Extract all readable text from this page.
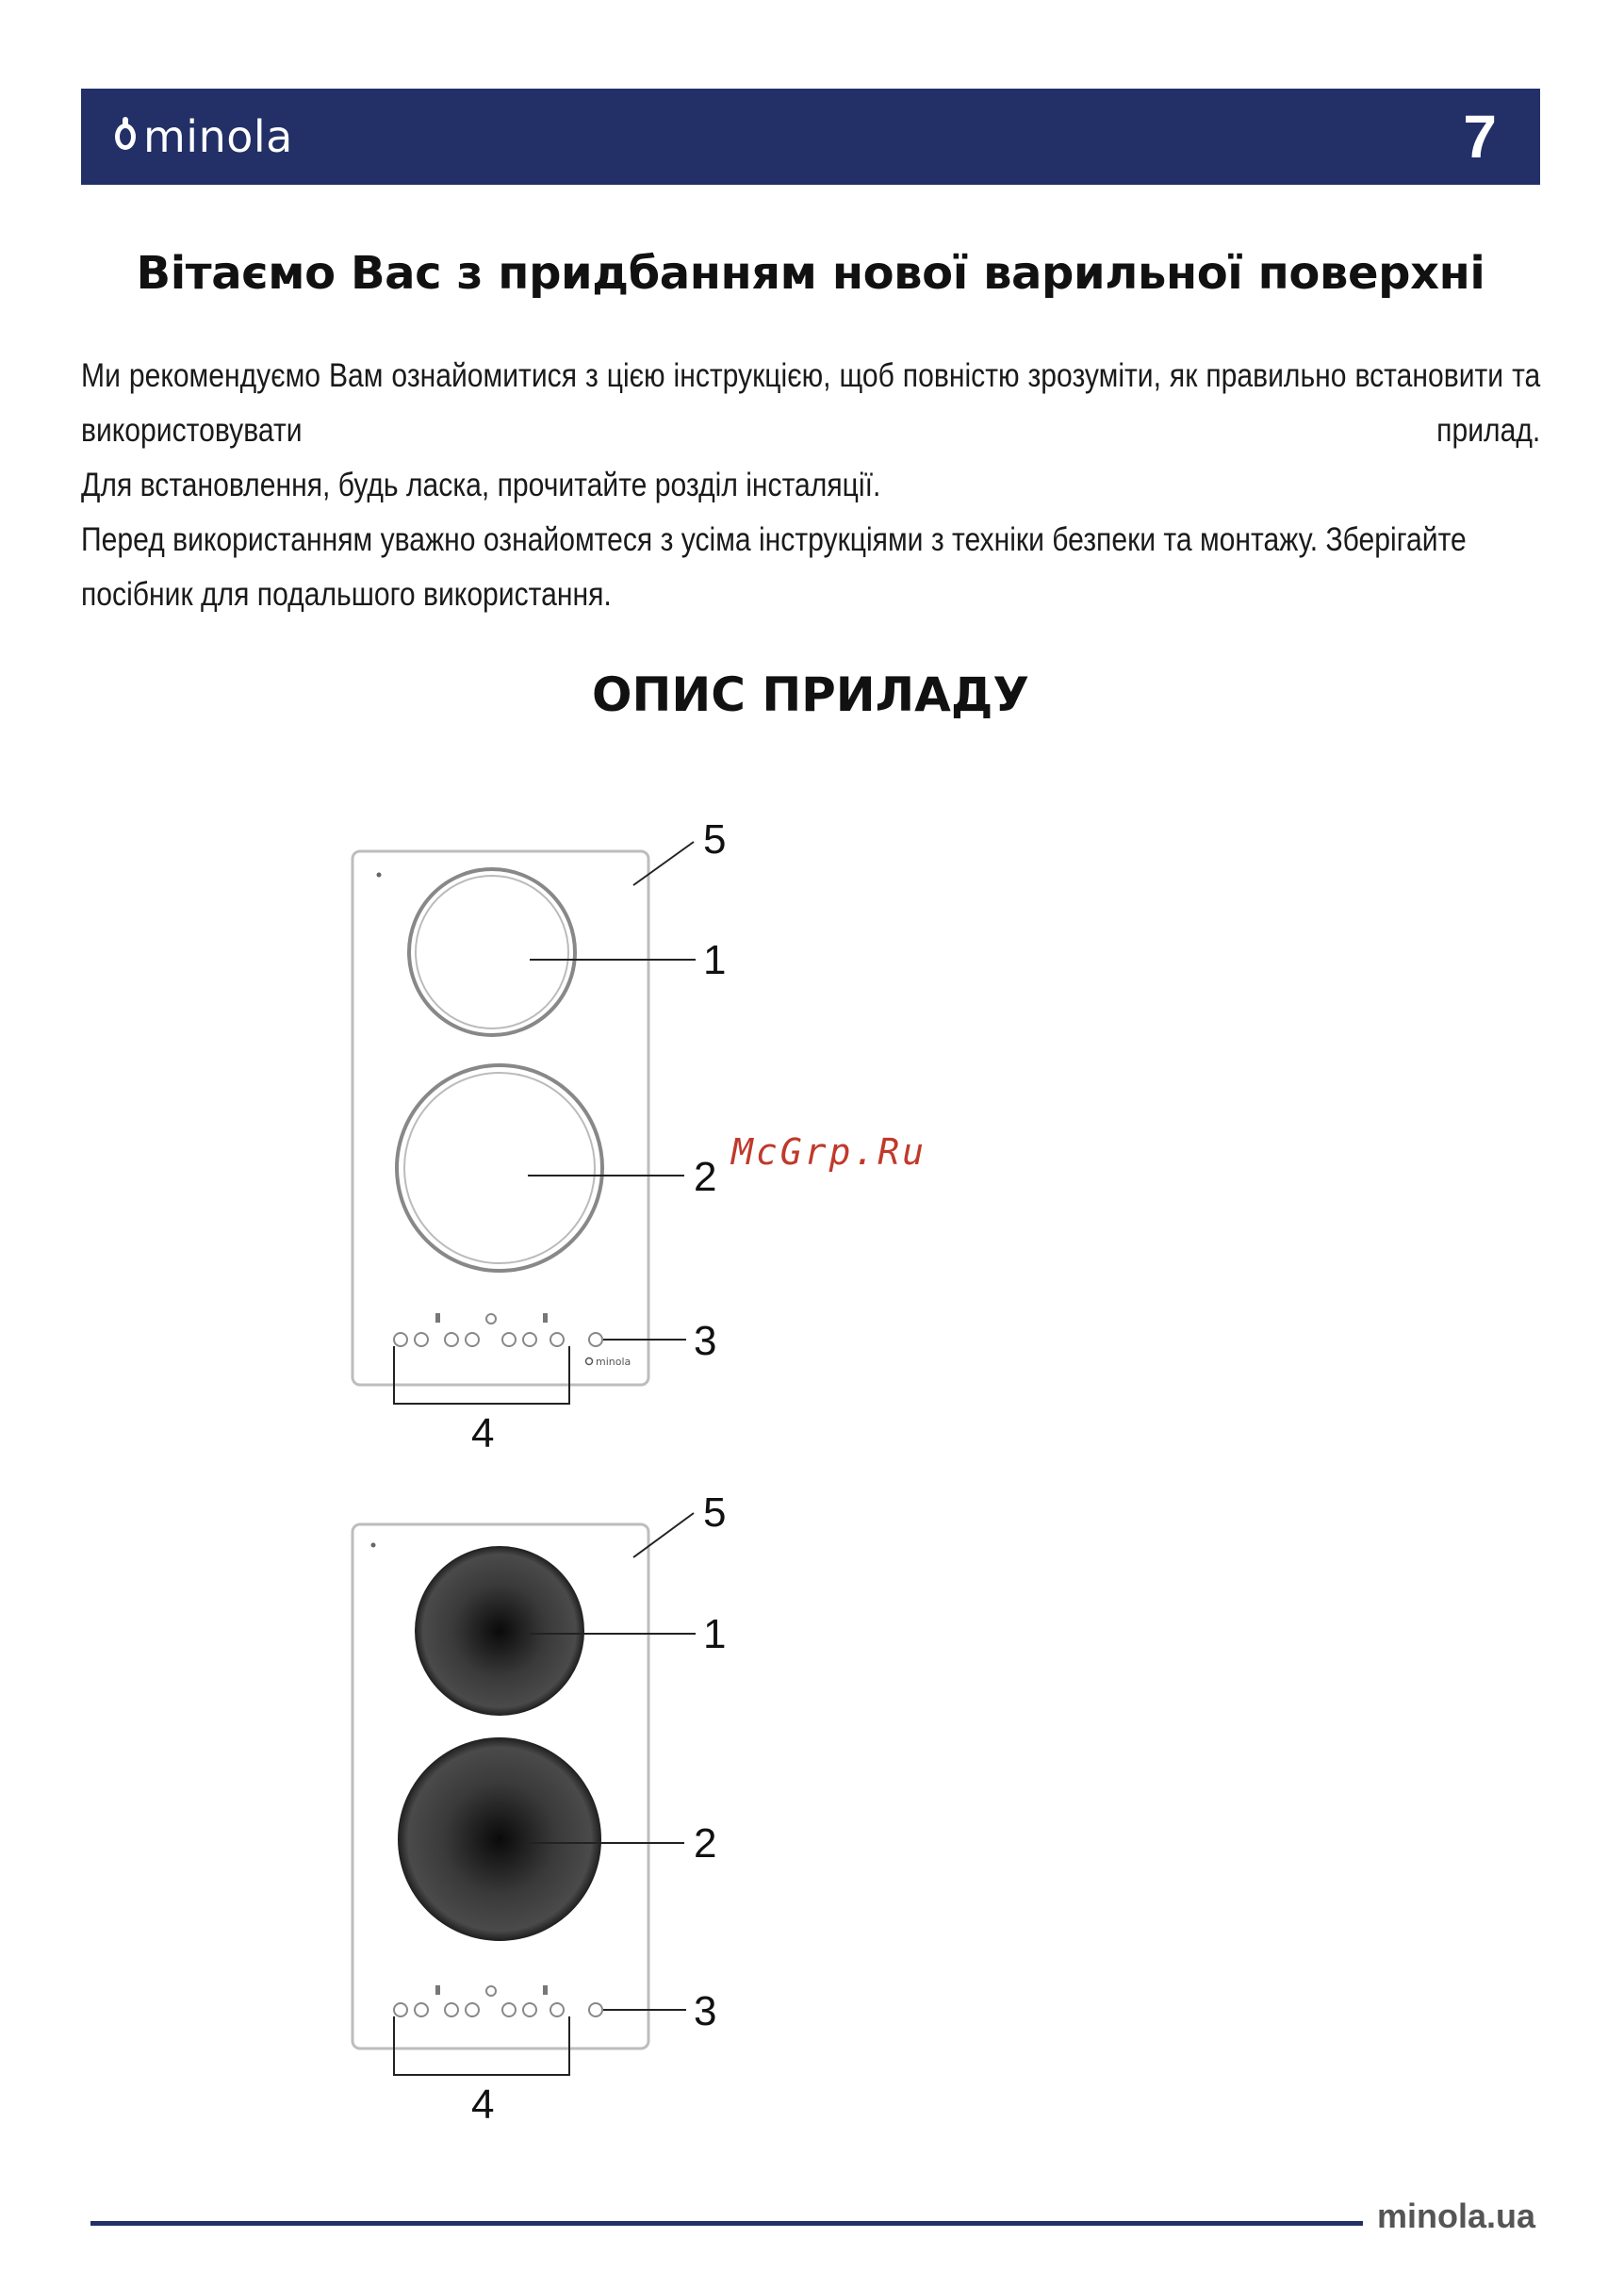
minola	7
Вітаємо Вас з придбанням нової варильної поверхні

Ми рекомендуємо Вам ознайомитися з цією інструкцією, щоб повністю зрозуміти, як правильно встановити та використовувати прилад.

Для встановлення, будь ласка, прочитайте розділ інсталяції.

Перед використанням уважно ознайомтеся з усіма інструкціями з техніки безпеки та монтажу. Зберігайте посібник для подальшого використання.

ОПИС ПРИЛАДУ
minola
5
1
2
3
4
McGrp.Ru
5
1
2
3
4
minola.ua
